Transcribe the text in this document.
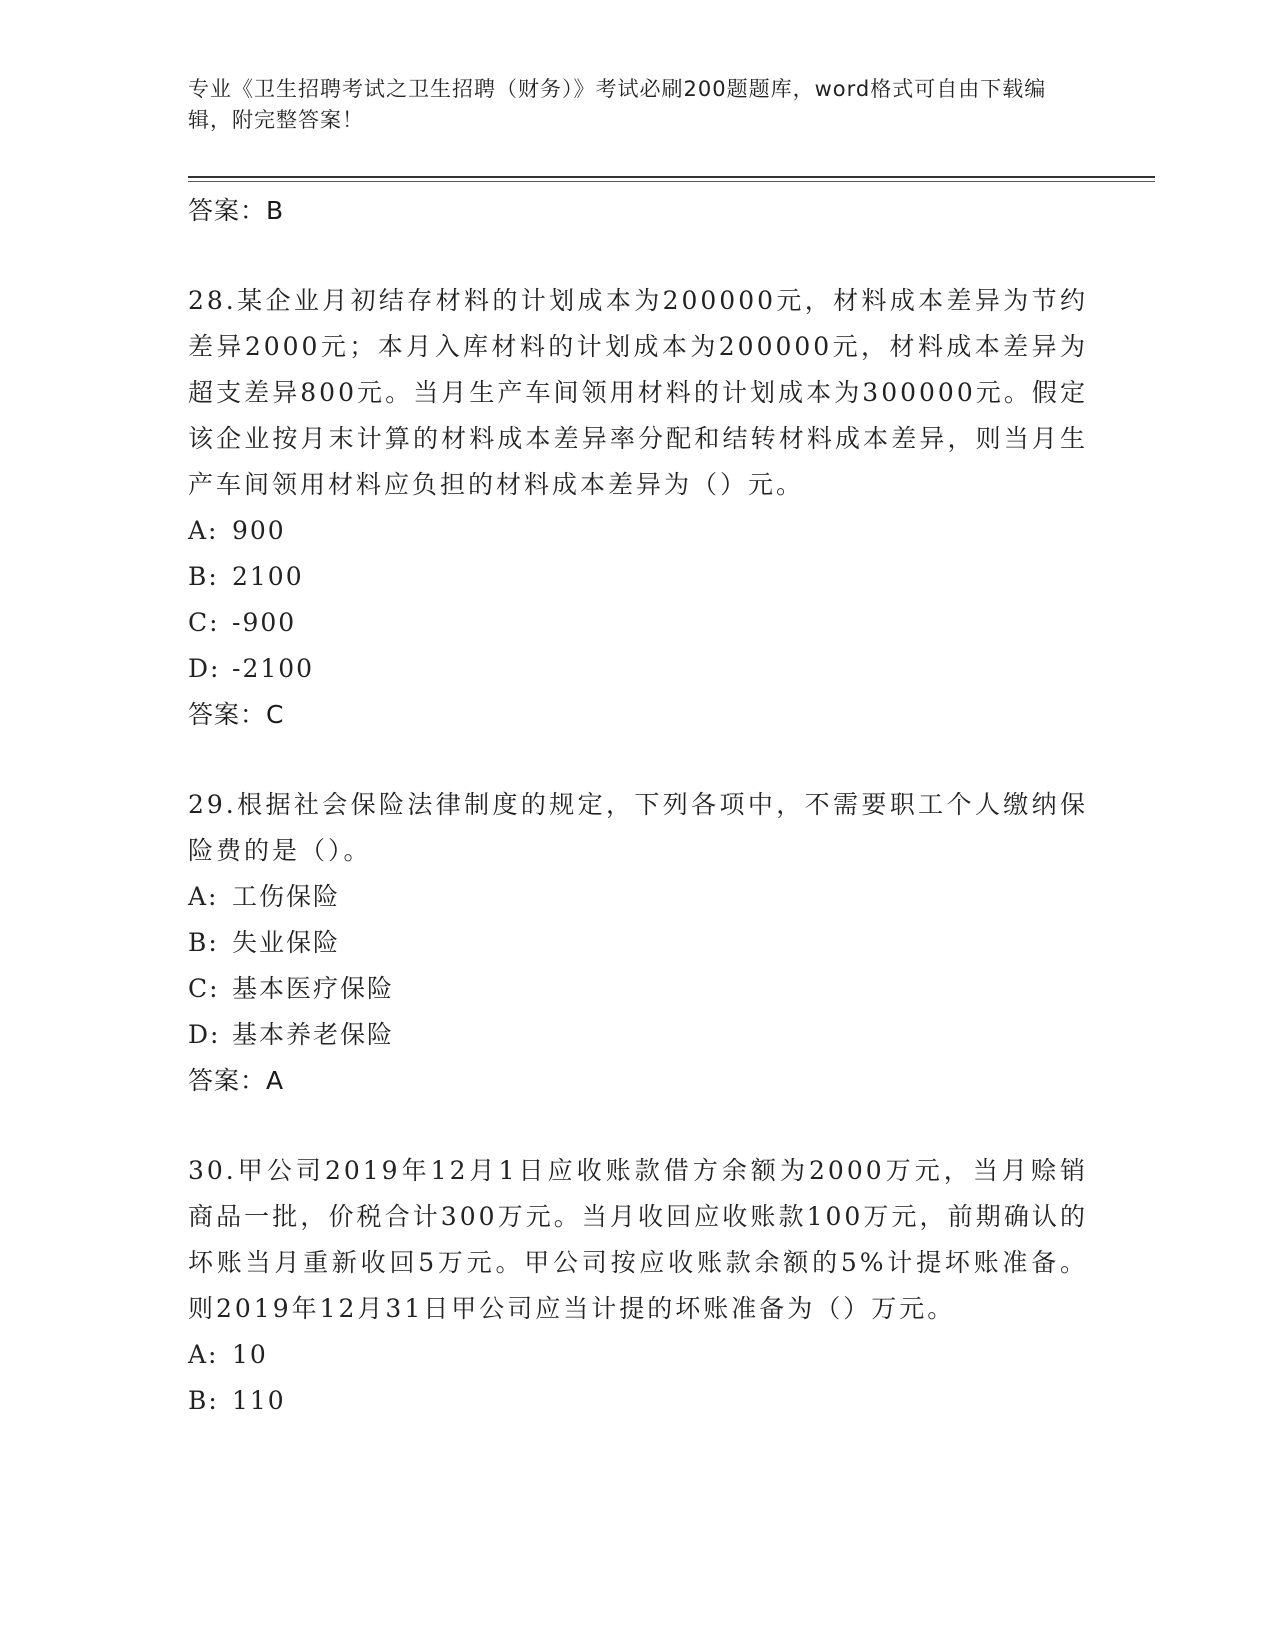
专业《卫生招聘考试之卫生招聘（财务）》考试必刷200题题库，word格式可自由下载编辑，附完整答案！
答案：B

28.某企业月初结存材料的计划成本为200000元，材料成本差异为节约差异2000元；本月入库材料的计划成本为200000元，材料成本差异为超支差异800元。当月生产车间领用材料的计划成本为300000元。假定该企业按月末计算的材料成本差异率分配和结转材料成本差异，则当月生产车间领用材料应负担的材料成本差异为（）元。

A: 900
B: 2100
C: -900
D: -2100
答案：C

29.根据社会保险法律制度的规定，下列各项中，不需要职工个人缴纳保险费的是（）。

A: 工伤保险
B: 失业保险
C: 基本医疗保险
D: 基本养老保险
答案：A

30.甲公司2019年12月1日应收账款借方余额为2000万元，当月赊销商品一批，价税合计300万元。当月收回应收账款100万元，前期确认的坏账当月重新收回5万元。甲公司按应收账款余额的5%计提坏账准备。则2019年12月31日甲公司应当计提的坏账准备为（）万元。

A: 10
B: 110
